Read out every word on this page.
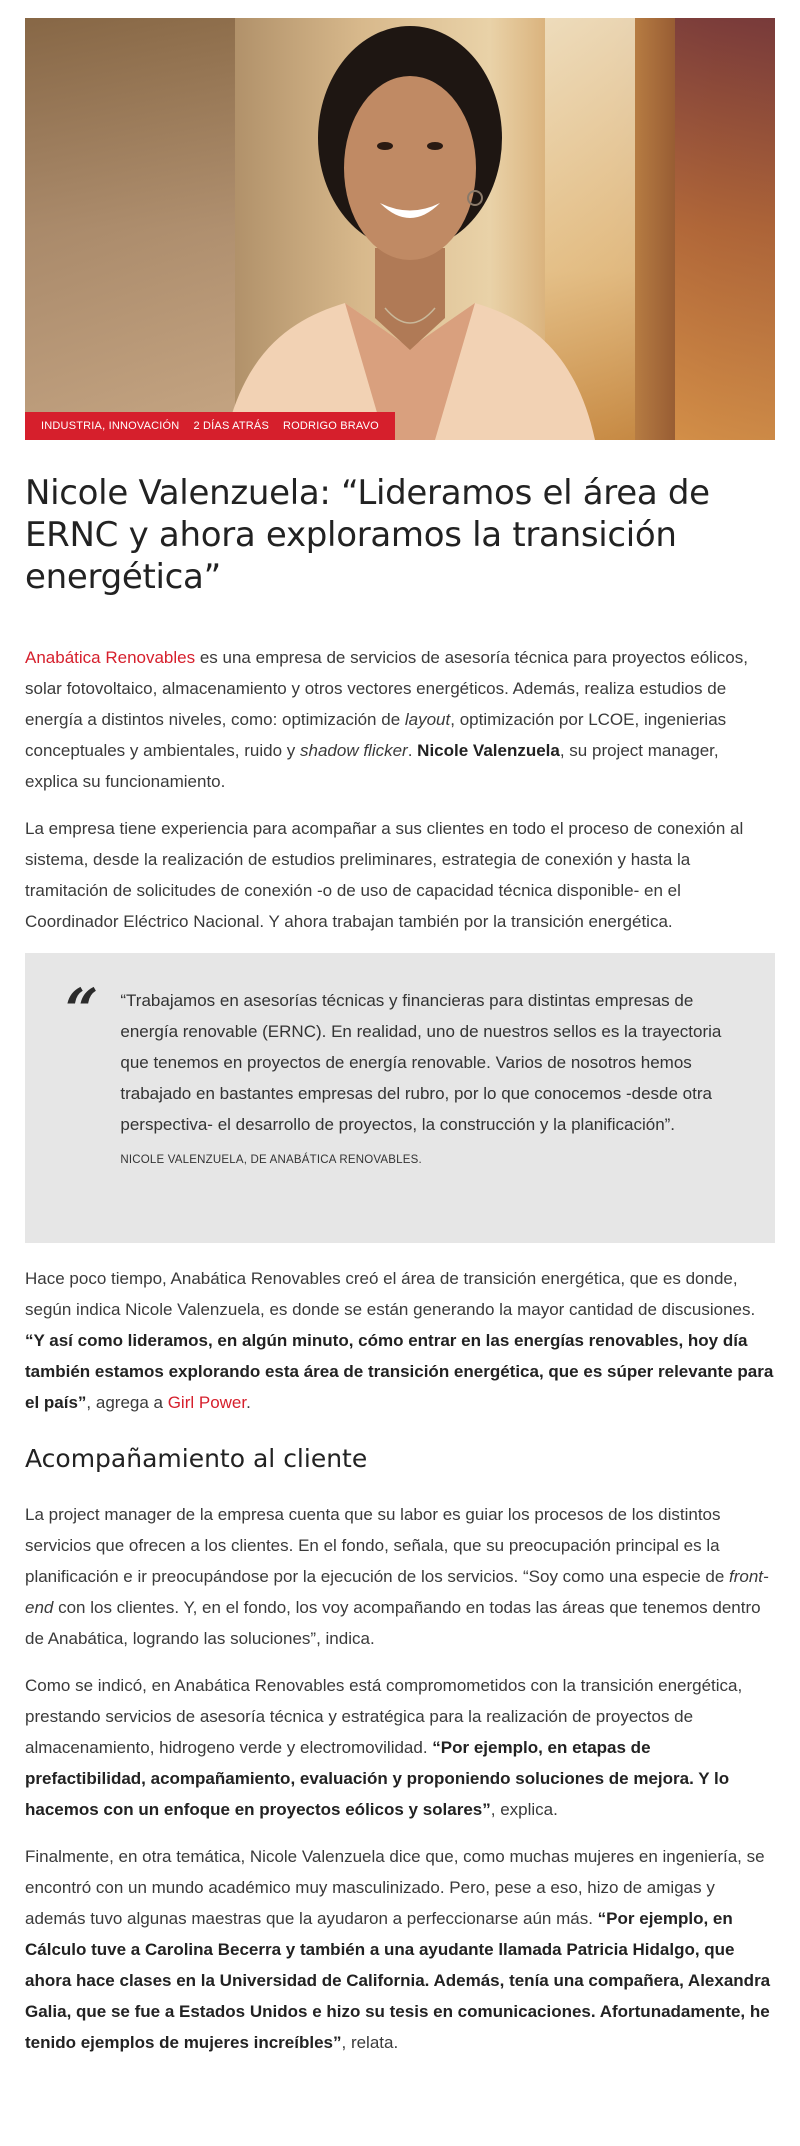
INDUSTRIA, INNOVACIÓN 2 DÍAS ATRÁS RODRIGO BRAVO
Nicole Valenzuela: “Lideramos el área de ERNC y ahora exploramos la transición energética”

Anabática Renovables es una empresa de servicios de asesoría técnica para proyectos eólicos, solar fotovoltaico, almacenamiento y otros vectores energéticos. Además, realiza estudios de energía a distintos niveles, como: optimización de layout, optimización por LCOE, ingenierias conceptuales y ambientales, ruido y shadow flicker. Nicole Valenzuela, su project manager, explica su funcionamiento.

La empresa tiene experiencia para acompañar a sus clientes en todo el proceso de conexión al sistema, desde la realización de estudios preliminares, estrategia de conexión y hasta la tramitación de solicitudes de conexión -o de uso de capacidad técnica disponible- en el Coordinador Eléctrico Nacional. Y ahora trabajan también por la transición energética.

“ “Trabajamos en asesorías técnicas y financieras para distintas empresas de energía renovable (ERNC). En realidad, uno de nuestros sellos es la trayectoria que tenemos en proyectos de energía renovable. Varios de nosotros hemos trabajado en bastantes empresas del rubro, por lo que conocemos -desde otra perspectiva- el desarrollo de proyectos, la construcción y la planificación”.
NICOLE VALENZUELA, DE ANABÁTICA RENOVABLES.

Hace poco tiempo, Anabática Renovables creó el área de transición energética, que es donde, según indica Nicole Valenzuela, es donde se están generando la mayor cantidad de discusiones. “Y así como lideramos, en algún minuto, cómo entrar en las energías renovables, hoy día también estamos explorando esta área de transición energética, que es súper relevante para el país”, agrega a Girl Power.

Acompañamiento al cliente

La project manager de la empresa cuenta que su labor es guiar los procesos de los distintos servicios que ofrecen a los clientes. En el fondo, señala, que su preocupación principal es la planificación e ir preocupándose por la ejecución de los servicios. “Soy como una especie de front-end con los clientes. Y, en el fondo, los voy acompañando en todas las áreas que tenemos dentro de Anabática, logrando las soluciones”, indica.

Como se indicó, en Anabática Renovables está compromometidos con la transición energética, prestando servicios de asesoría técnica y estratégica para la realización de proyectos de almacenamiento, hidrogeno verde y electromovilidad. “Por ejemplo, en etapas de prefactibilidad, acompañamiento, evaluación y proponiendo soluciones de mejora. Y lo hacemos con un enfoque en proyectos eólicos y solares”, explica.

Finalmente, en otra temática, Nicole Valenzuela dice que, como muchas mujeres en ingeniería, se encontró con un mundo académico muy masculinizado. Pero, pese a eso, hizo de amigas y además tuvo algunas maestras que la ayudaron a perfeccionarse aún más. “Por ejemplo, en Cálculo tuve a Carolina Becerra y también a una ayudante llamada Patricia Hidalgo, que ahora hace clases en la Universidad de California. Además, tenía una compañera, Alexandra Galia, que se fue a Estados Unidos e hizo su tesis en comunicaciones. Afortunadamente, he tenido ejemplos de mujeres increíbles”, relata.
